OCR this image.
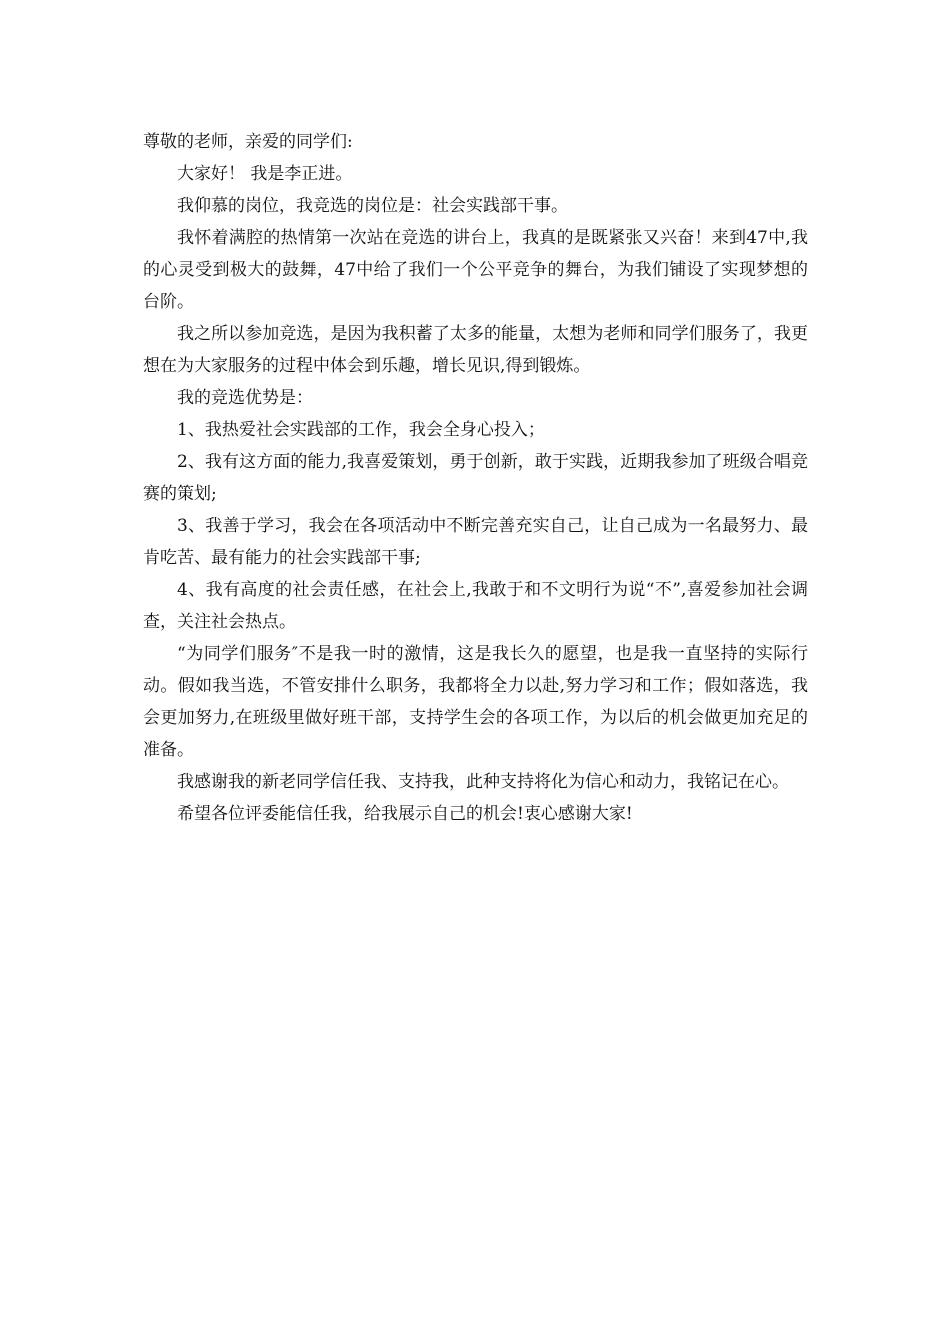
尊敬的老师，亲爱的同学们:

大家好！ 我是李正进。

我仰慕的岗位，我竞选的岗位是：社会实践部干事。

我怀着满腔的热情第一次站在竞选的讲台上，我真的是既紧张又兴奋！来到47中,我的心灵受到极大的鼓舞，47中给了我们一个公平竞争的舞台，为我们铺设了实现梦想的台阶。

我之所以参加竞选，是因为我积蓄了太多的能量，太想为老师和同学们服务了，我更想在为大家服务的过程中体会到乐趣，增长见识,得到锻炼。

我的竞选优势是：

1、我热爱社会实践部的工作，我会全身心投入；

2、我有这方面的能力,我喜爱策划，勇于创新，敢于实践，近期我参加了班级合唱竞赛的策划;

3、我善于学习，我会在各项活动中不断完善充实自己，让自己成为一名最努力、最肯吃苦、最有能力的社会实践部干事;

4、我有高度的社会责任感，在社会上,我敢于和不文明行为说“不”,喜爱参加社会调查，关注社会热点。

“为同学们服务″不是我一时的激情，这是我长久的愿望，也是我一直坚持的实际行动。假如我当选，不管安排什么职务，我都将全力以赴,努力学习和工作；假如落选，我会更加努力,在班级里做好班干部，支持学生会的各项工作，为以后的机会做更加充足的准备。

我感谢我的新老同学信任我、支持我，此种支持将化为信心和动力，我铭记在心。

希望各位评委能信任我，给我展示自己的机会!衷心感谢大家!
